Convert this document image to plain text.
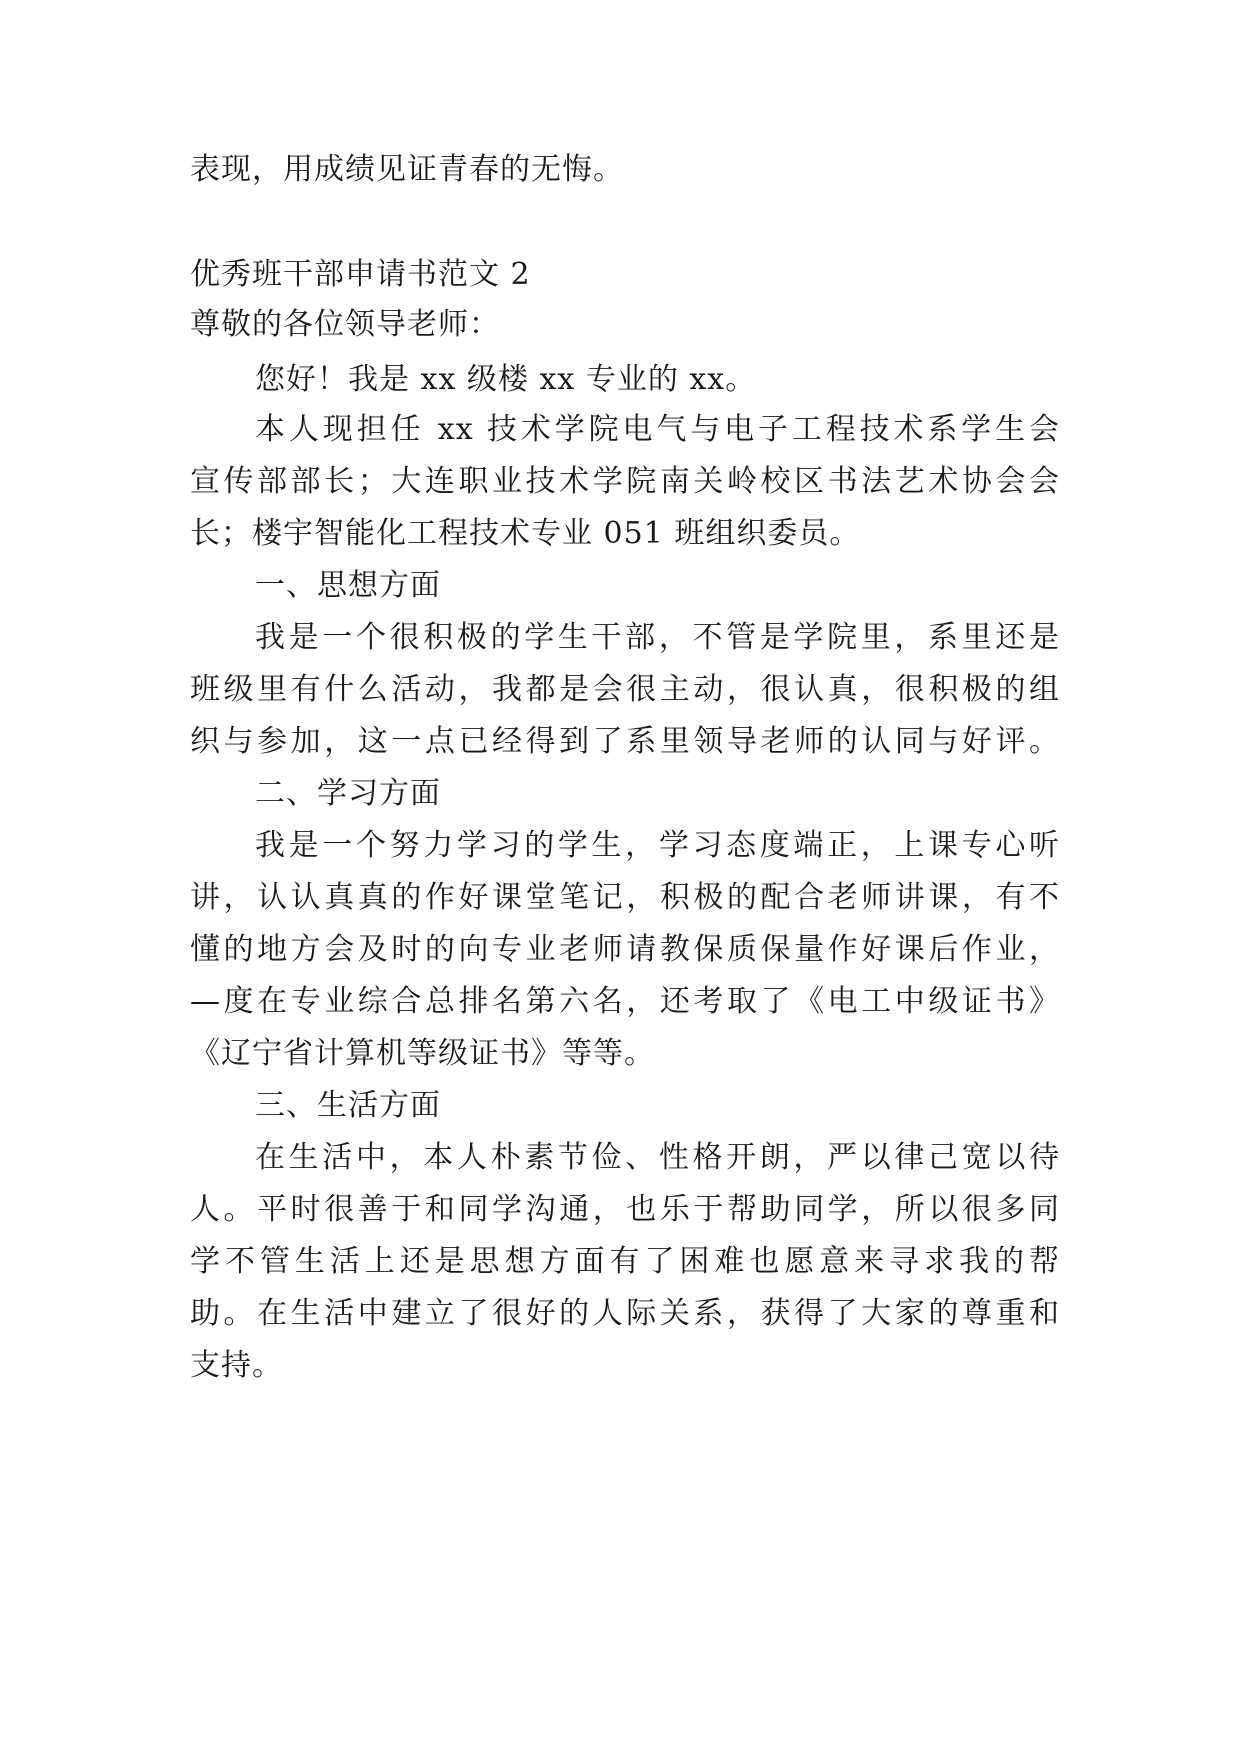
表现，用成绩见证青春的无悔。
优秀班干部申请书范文 2
尊敬的各位领导老师：
您好！我是 xx 级楼 xx 专业的 xx。
本人现担任 xx 技术学院电气与电子工程技术系学生会
宣传部部长；大连职业技术学院南关岭校区书法艺术协会会
长；楼宇智能化工程技术专业 051 班组织委员。
一、思想方面
我是一个很积极的学生干部，不管是学院里，系里还是
班级里有什么活动，我都是会很主动，很认真，很积极的组
织与参加，这一点已经得到了系里领导老师的认同与好评。
二、学习方面
我是一个努力学习的学生，学习态度端正，上课专心听
讲，认认真真的作好课堂笔记，积极的配合老师讲课，有不
懂的地方会及时的向专业老师请教保质保量作好课后作业，
—度在专业综合总排名第六名，还考取了《电工中级证书》
《辽宁省计算机等级证书》等等。
三、生活方面
在生活中，本人朴素节俭、性格开朗，严以律己宽以待
人。平时很善于和同学沟通，也乐于帮助同学，所以很多同
学不管生活上还是思想方面有了困难也愿意来寻求我的帮
助。在生活中建立了很好的人际关系，获得了大家的尊重和
支持。
